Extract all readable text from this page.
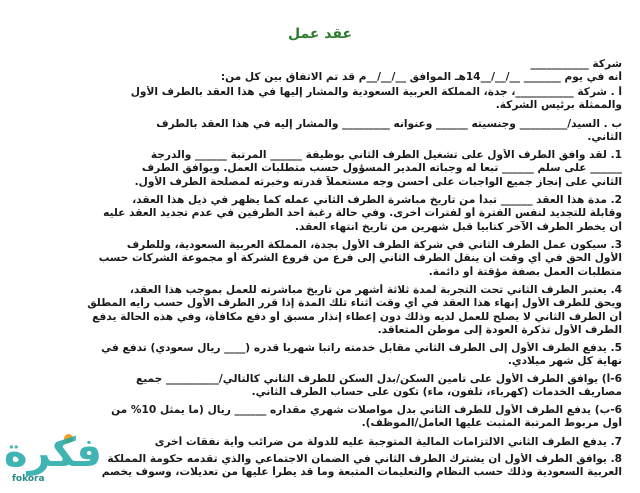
عقد عمل
شركة ___________
أنه في يوم _______ __/__/__14هـ الموافق __/__/__م قد تم الاتفاق بين كل من:
أ . شركة ___________، جدة، المملكة العربية السعودية والمشار إليها في هذا العقد بالطرف الأول
والممثلة برئيس الشركة.
ب . السيد/_________ وجنسيته ______ وعنوانه _________ والمشار إليه في هذا العقد بالطرف
الثاني.
1. لقد وافق الطرف الأول على تشغيل الطرف الثاني بوظيفة ______ المرتبة ______ والدرجة
______ على سلم ______ تبعاً له وجباته المدير المسؤول حسب متطلبات العمل. ويوافق الطرف
الثاني على إنجاز جميع الواجبات على أحسن وجه مستعملاً قدرته وخبرته لمصلحة الطرف الأول.
2. مدة هذا العقد ______ تبدأ من تاريخ مباشرة الطرف الثاني عمله كما يظهر في ذيل هذا العقد،
وقابلة للتجديد لنفس الفترة أو لفترات أخرى. وفي حالة رغبة أحد الطرفين في عدم تجديد العقد عليه
أن يخطر الطرف الآخر كتابياً قبل شهرين من تاريخ انتهاء العقد.
3. سيكون عمل الطرف الثاني في شركة الطرف الأول بجدة، المملكة العربية السعودية، وللطرف
الأول الحق في أي وقت أن ينقل الطرف الثاني إلى فرع من فروع الشركة أو مجموعة الشركات حسب
متطلبات العمل بصفة مؤقتة أو دائمة.
4. يعتبر الطرف الثاني تحت التجربة لمدة ثلاثة أشهر من تاريخ مباشرته للعمل بموجب هذا العقد،
ويحق للطرف الأول إنهاء هذا العقد في أي وقت أثناء تلك المدة إذا قرر الطرف الأول حسب رأيه المطلق
أن الطرف الثاني لا يصلح للعمل لديه وذلك دون إعطاء إنذار مسبق أو دفع مكافأة، وفي هذه الحالة يدفع
الطرف الأول تذكرة العودة إلى موطن المتعاقد.
5. يدفع الطرف الأول إلى الطرف الثاني مقابل خدمته راتباً شهرياً قدره (____ ريال سعودي) تدفع في
نهاية كل شهر ميلادي.
6-أ) يوافق الطرف الأول على تأمين السكن/بدل السكن للطرف الثاني كالتالي/__________ جميع
مصاريف الخدمات (كهرباء، تلفون، ماء) تكون على حساب الطرف الثاني.
6-ب) يدفع الطرف الأول للطرف الثاني بدل مواصلات شهري مقداره ______ ريال (ما يمثل 10% من
أول مربوط المرتبة المثبت عليها العامل/الموظف).
7. يدفع الطرف الثاني الالتزامات المالية المتوجبة عليه للدولة من ضرائب وأية نفقات أخرى
8. يوافق الطرف الأول أن يشترك الطرف الثاني في الضمان الاجتماعي والذي تقدمه حكومة المملكة
العربية السعودية وذلك حسب النظام والتعليمات المتبعة وما قد يطرأ عليها من تعديلات، وسوف يخصم
فكرة
fokora
